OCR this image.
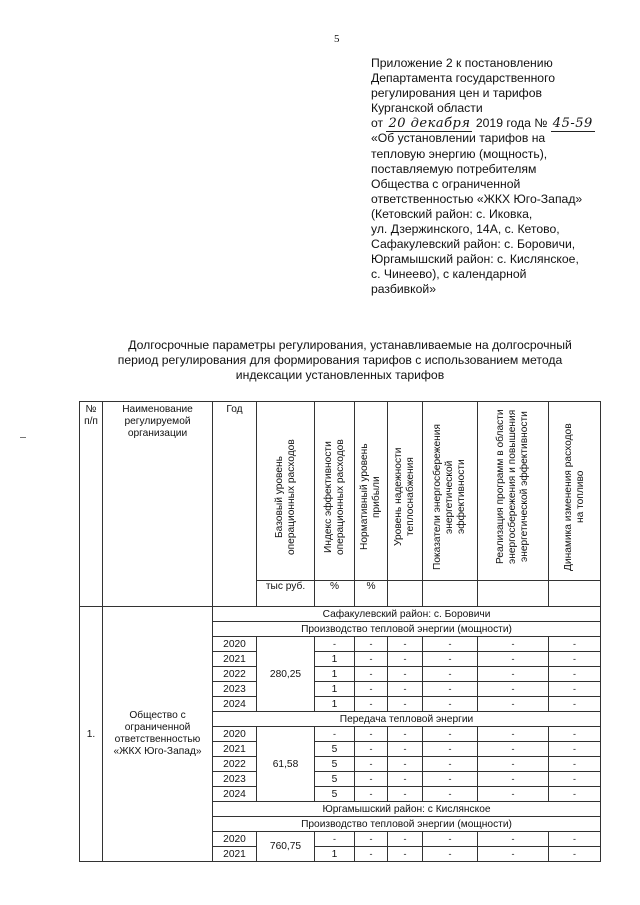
5
Приложение 2 к постановлению
Департамента государственного
регулирования цен и тарифов
Курганской области
от 20 декабря 2019 года № 45-59
«Об установлении тарифов на
тепловую энергию (мощность),
поставляемую потребителям
Общества с ограниченной
ответственностью «ЖКХ Юго-Запад»
(Кетовский район: с. Иковка,
ул. Дзержинского, 14А, с. Кетово,
Сафакулевский район: с. Боровичи,
Юргамышский район: с. Кислянское,
с. Чинеево), с календарной
разбивкой»
Долгосрочные параметры регулирования, устанавливаемые на долгосрочный
период регулирования для формирования тарифов с использованием метода
индексации установленных тарифов
№ п/п	Наименование регулируемой организации	Год	Базовый уровень операционных расходов	Индекс эффективности операционных расходов	Нормативный уровень прибыли	Уровень надежности теплоснабжения	Показатели энергосбережения энергетической эффективности	Реализация программ в области энергосбережения и повышения энергетической эффективности	Динамика изменения расходов на топливо
			тыс руб.	%	%				
1.	Общество с ограниченной ответственностью «ЖКХ Юго-Запад»	Сафакулевский район: с. Боровичи							
		Производство тепловой энергии (мощности)							
		2020	280,25	-	-	-	-	-	-
		2021		1	-	-	-	-	-
		2022		1	-	-	-	-	-
		2023		1	-	-	-	-	-
		2024		1	-	-	-	-	-
		Передача тепловой энергии							
		2020	61,58	-	-	-	-	-	-
		2021		5	-	-	-	-	-
		2022		5	-	-	-	-	-
		2023		5	-	-	-	-	-
		2024		5	-	-	-	-	-
		Юргамышский район: с Кислянское							
		Производство тепловой энергии (мощности)							
		2020	760,75	-	-	-	-	-	-
		2021		1	-	-	-	-	-
